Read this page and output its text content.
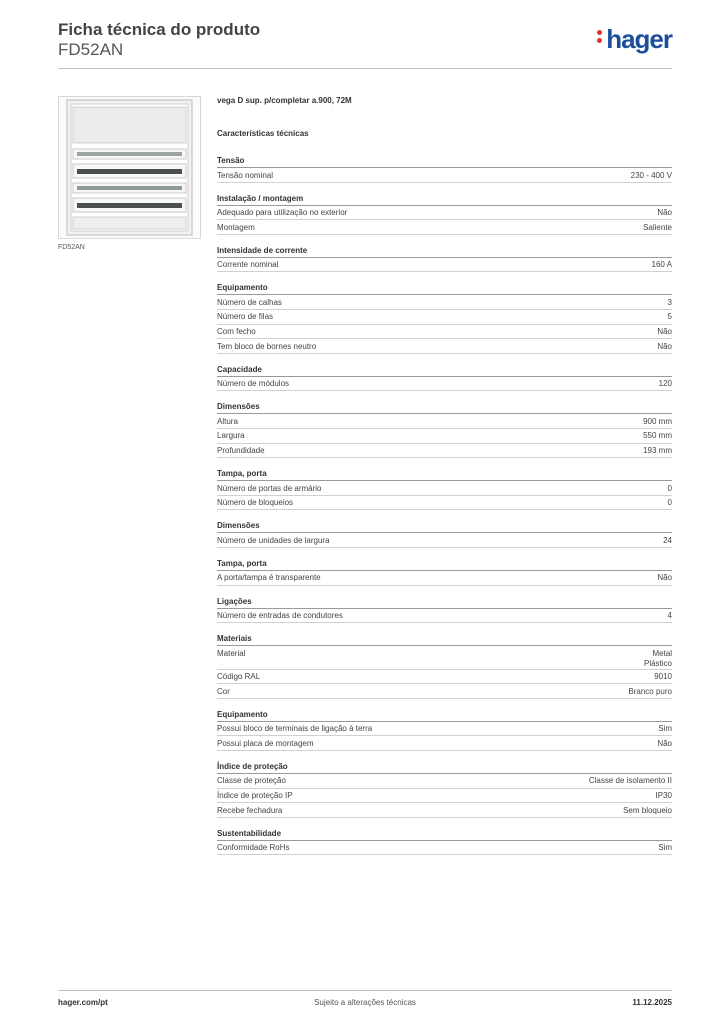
Ficha técnica do produto
FD52AN	hager
FD52AN
vega D sup. p/completar a.900, 72M
Características técnicas
Tensão
Tensão nominal	230 - 400 V
Instalação / montagem
Adequado para utilização no exterior	Não
Montagem	Saliente
Intensidade de corrente
Corrente nominal	160 A
Equipamento
Número de calhas	3
Número de filas	5
Com fecho	Não
Tem bloco de bornes neutro	Não
Capacidade
Número de módulos	120
Dimensões
Altura	900 mm
Largura	550 mm
Profundidade	193 mm
Tampa, porta
Número de portas de armário	0
Número de bloqueios	0
Dimensões
Número de unidades de largura	24
Tampa, porta
A porta/tampa é transparente	Não
Ligações
Número de entradas de condutores	4
Materiais
Material	Metal
Plástico
Código RAL	9010
Cor	Branco puro
Equipamento
Possui bloco de terminais de ligação à terra	Sim
Possui placa de montagem	Não
Índice de proteção
Classe de proteção	Classe de isolamento II
Índice de proteção IP	IP30
Recebe fechadura	Sem bloqueio
Sustentabilidade
Conformidade RoHs	Sim
hager.com/pt	Sujeito a alterações técnicas	11.12.2025
